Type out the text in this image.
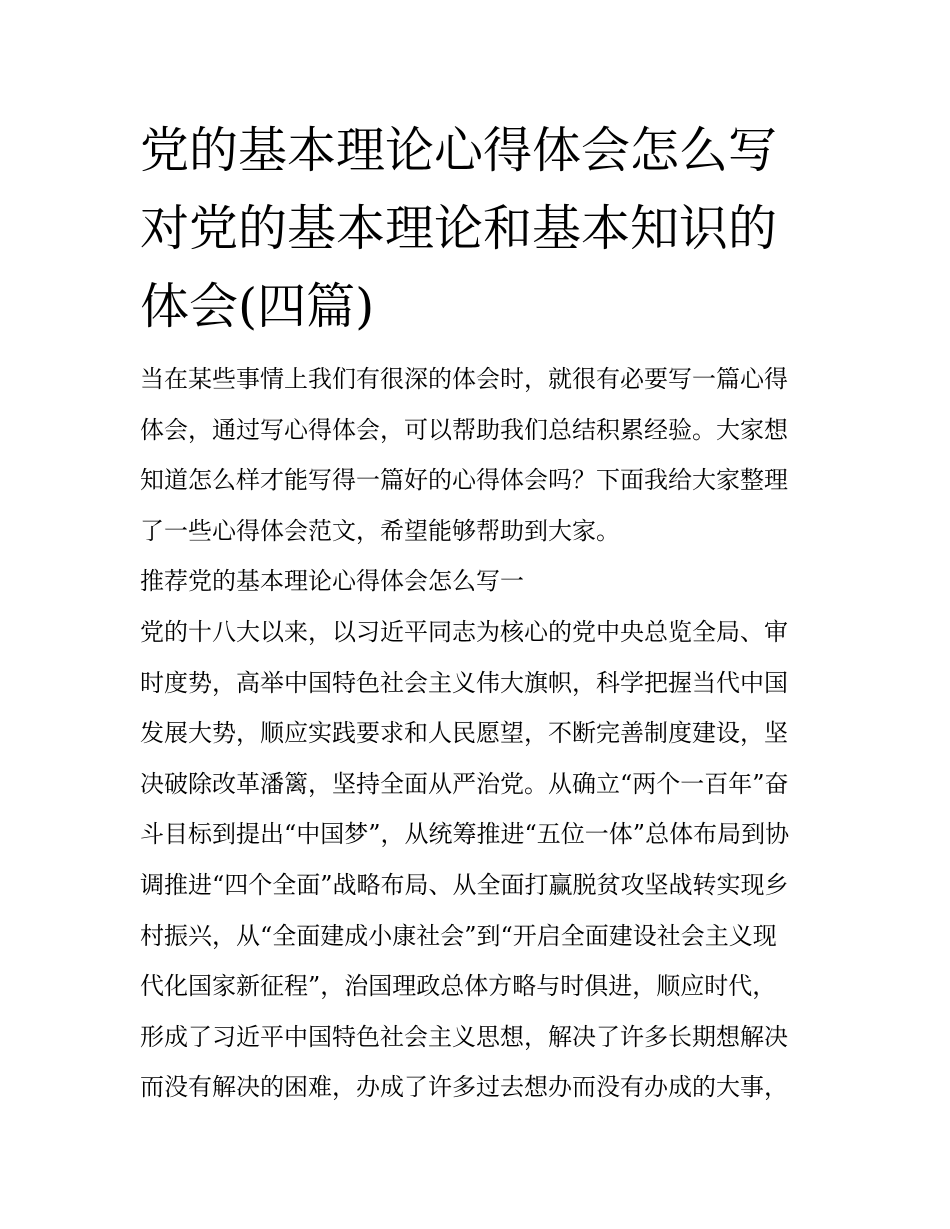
党的基本理论心得体会怎么写
对党的基本理论和基本知识的
体会(四篇)
当在某些事情上我们有很深的体会时，就很有必要写一篇心得
体会，通过写心得体会，可以帮助我们总结积累经验。大家想
知道怎么样才能写得一篇好的心得体会吗？下面我给大家整理
了一些心得体会范文，希望能够帮助到大家。
推荐党的基本理论心得体会怎么写一
党的十八大以来，以习近平同志为核心的党中央总览全局、审
时度势，高举中国特色社会主义伟大旗帜，科学把握当代中国
发展大势，顺应实践要求和人民愿望，不断完善制度建设，坚
决破除改革潘篱，坚持全面从严治党。从确立“两个一百年”奋
斗目标到提出“中国梦”，从统筹推进“五位一体”总体布局到协
调推进“四个全面”战略布局、从全面打赢脱贫攻坚战转实现乡
村振兴，从“全面建成小康社会”到“开启全面建设社会主义现
代化国家新征程”，治国理政总体方略与时俱进，顺应时代，
形成了习近平中国特色社会主义思想，解决了许多长期想解决
而没有解决的困难，办成了许多过去想办而没有办成的大事，
